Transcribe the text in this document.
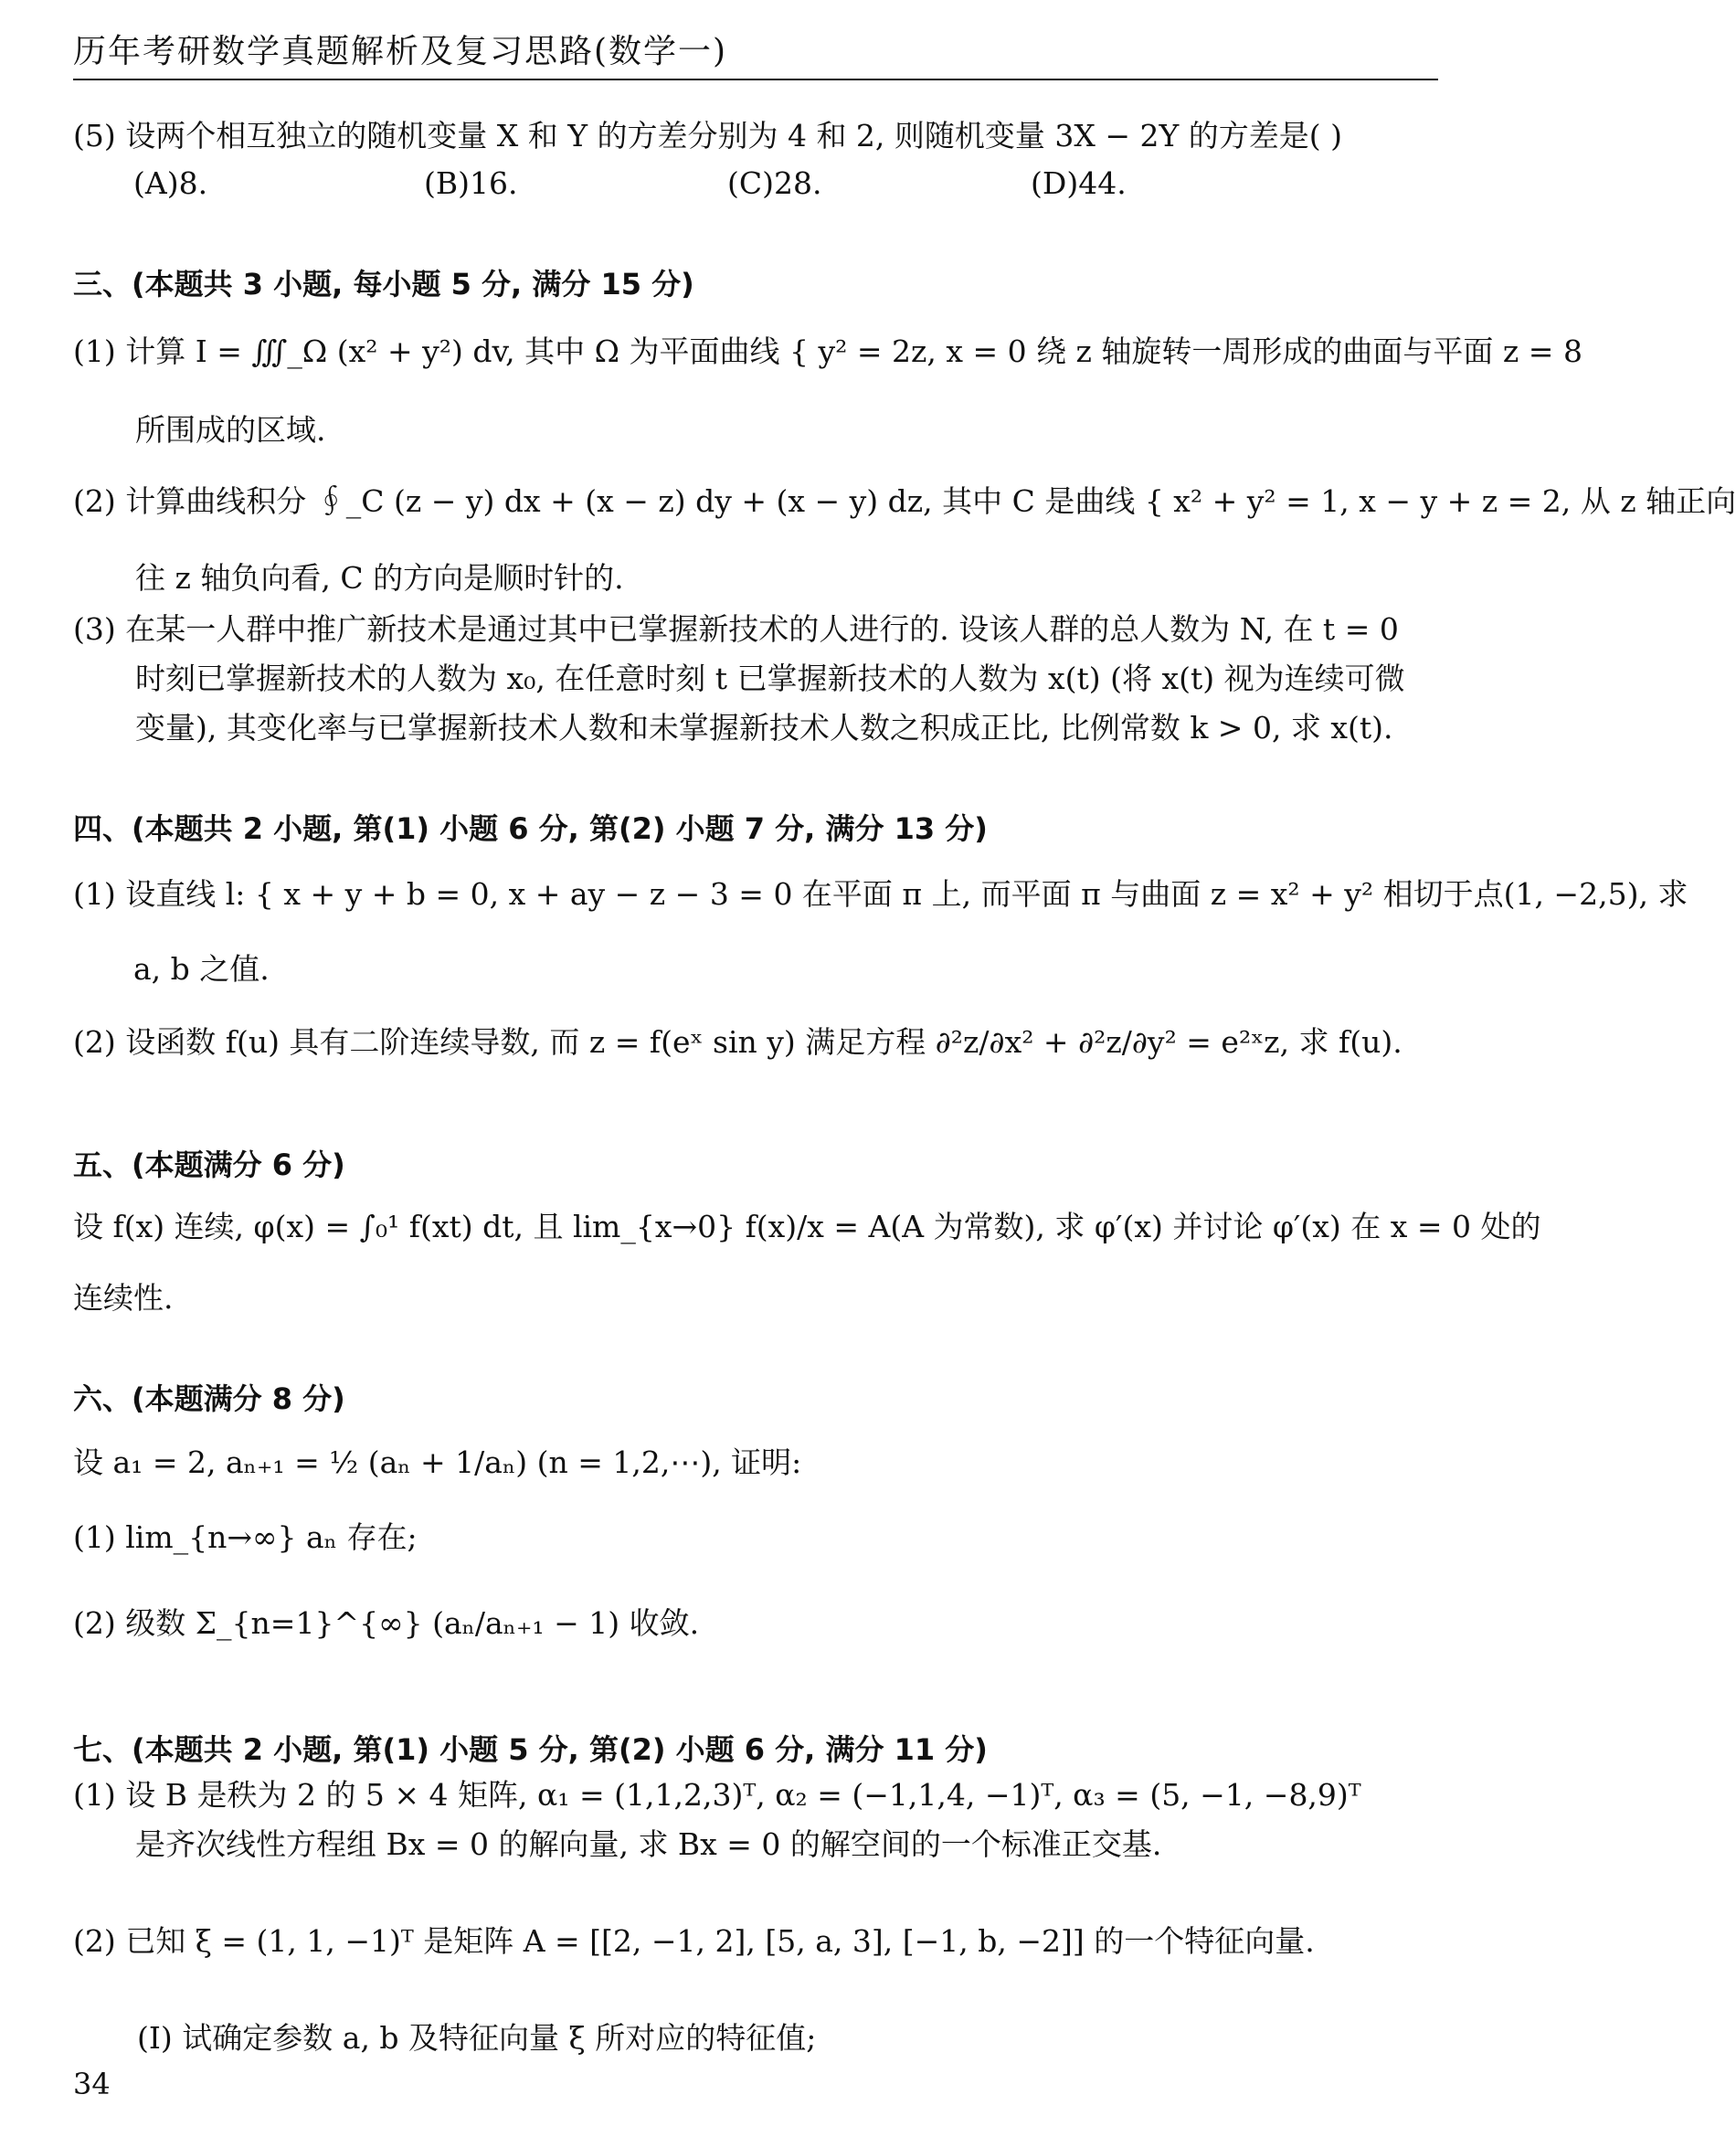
历年考研数学真题解析及复习思路(数学一)
(5) 设两个相互独立的随机变量 X 和 Y 的方差分别为 4 和 2, 则随机变量 3X − 2Y 的方差是( )
(A)8.	(B)16.	(C)28.	(D)44.
三、(本题共 3 小题, 每小题 5 分, 满分 15 分)
(1) 计算 I = ∭_Ω (x² + y²) dv, 其中 Ω 为平面曲线 { y² = 2z, x = 0 绕 z 轴旋转一周形成的曲面与平面 z = 8
所围成的区域.
(2) 计算曲线积分 ∮_C (z − y) dx + (x − z) dy + (x − y) dz, 其中 C 是曲线 { x² + y² = 1, x − y + z = 2, 从 z 轴正向
往 z 轴负向看, C 的方向是顺时针的.
(3) 在某一人群中推广新技术是通过其中已掌握新技术的人进行的. 设该人群的总人数为 N, 在 t = 0
时刻已掌握新技术的人数为 x₀, 在任意时刻 t 已掌握新技术的人数为 x(t) (将 x(t) 视为连续可微
变量), 其变化率与已掌握新技术人数和未掌握新技术人数之积成正比, 比例常数 k > 0, 求 x(t).
四、(本题共 2 小题, 第(1) 小题 6 分, 第(2) 小题 7 分, 满分 13 分)
(1) 设直线 l: { x + y + b = 0, x + ay − z − 3 = 0 在平面 π 上, 而平面 π 与曲面 z = x² + y² 相切于点(1, −2,5), 求
a, b 之值.
(2) 设函数 f(u) 具有二阶连续导数, 而 z = f(eˣ sin y) 满足方程 ∂²z/∂x² + ∂²z/∂y² = e²ˣz, 求 f(u).
五、(本题满分 6 分)
设 f(x) 连续, φ(x) = ∫₀¹ f(xt) dt, 且 lim_{x→0} f(x)/x = A(A 为常数), 求 φ′(x) 并讨论 φ′(x) 在 x = 0 处的
连续性.
六、(本题满分 8 分)
设 a₁ = 2, aₙ₊₁ = ½ (aₙ + 1/aₙ) (n = 1,2,⋯), 证明:
(1) lim_{n→∞} aₙ 存在;
(2) 级数 Σ_{n=1}^{∞} (aₙ/aₙ₊₁ − 1) 收敛.
七、(本题共 2 小题, 第(1) 小题 5 分, 第(2) 小题 6 分, 满分 11 分)
(1) 设 B 是秩为 2 的 5 × 4 矩阵, α₁ = (1,1,2,3)ᵀ, α₂ = (−1,1,4, −1)ᵀ, α₃ = (5, −1, −8,9)ᵀ
是齐次线性方程组 Bx = 0 的解向量, 求 Bx = 0 的解空间的一个标准正交基.
(2) 已知 ξ = (1, 1, −1)ᵀ 是矩阵 A = [[2, −1, 2], [5, a, 3], [−1, b, −2]] 的一个特征向量.
(Ⅰ) 试确定参数 a, b 及特征向量 ξ 所对应的特征值;
34
